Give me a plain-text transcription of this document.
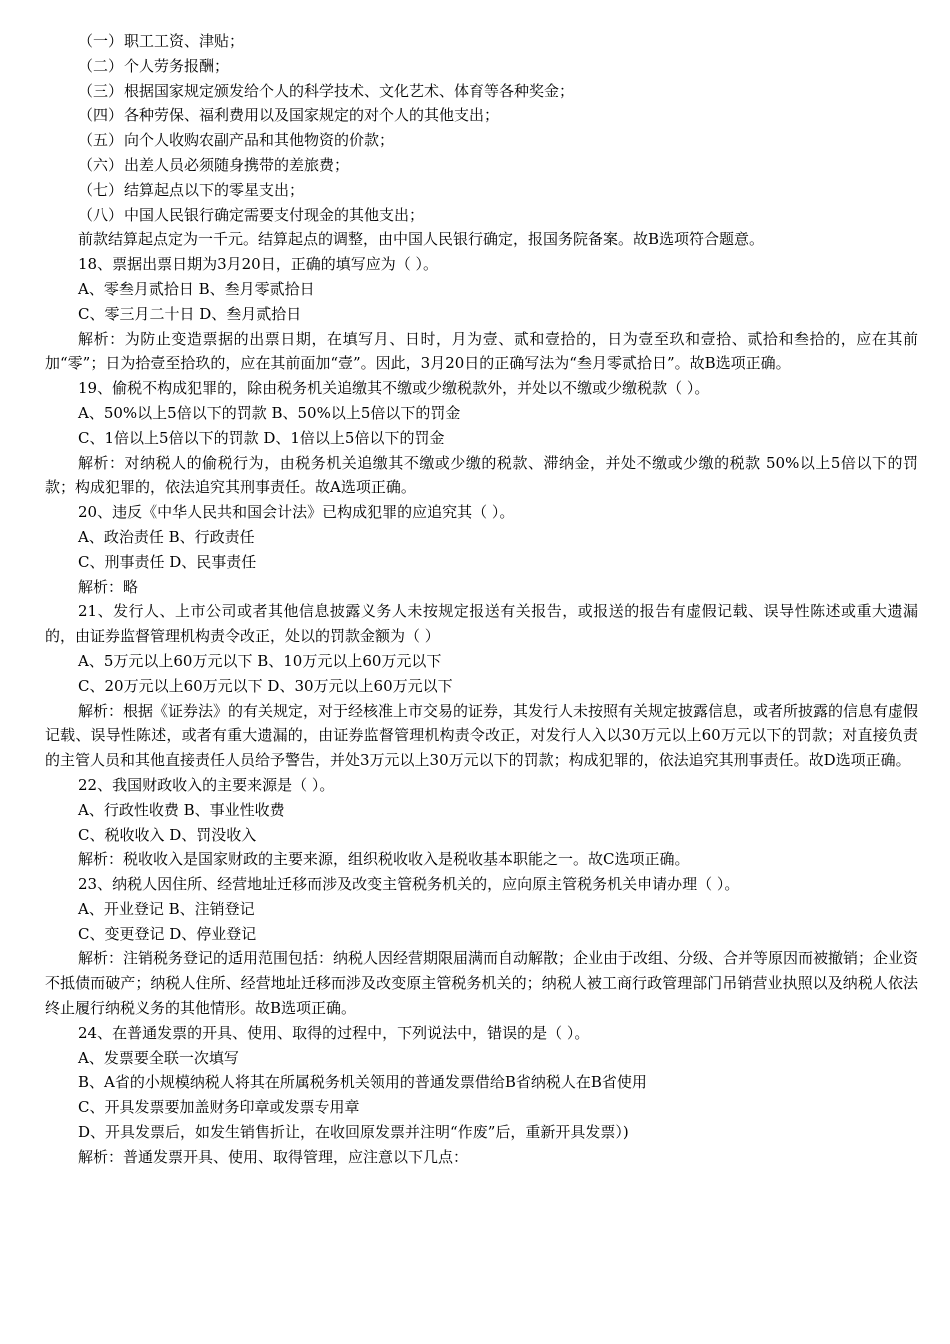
（一）职工工资、津贴；
（二）个人劳务报酬；
（三）根据国家规定颁发给个人的科学技术、文化艺术、体育等各种奖金；
（四）各种劳保、福利费用以及国家规定的对个人的其他支出；
（五）向个人收购农副产品和其他物资的价款；
（六）出差人员必须随身携带的差旅费；
（七）结算起点以下的零星支出；
（八）中国人民银行确定需要支付现金的其他支出；
前款结算起点定为一千元。结算起点的调整，由中国人民银行确定，报国务院备案。故B选项符合题意。
18、票据出票日期为3月20日，正确的填写应为（ ）。
A、零叁月贰拾日 B、叁月零贰拾日
C、零三月二十日 D、叁月贰拾日
解析：为防止变造票据的出票日期，在填写月、日时，月为壹、贰和壹拾的，日为壹至玖和壹拾、贰拾和叁拾的，应在其前加“零”；日为拾壹至拾玖的，应在其前面加“壹”。因此，3月20日的正确写法为“叁月零贰拾日”。故B选项正确。
19、偷税不构成犯罪的，除由税务机关追缴其不缴或少缴税款外，并处以不缴或少缴税款（ ）。
A、50%以上5倍以下的罚款 B、50%以上5倍以下的罚金
C、1倍以上5倍以下的罚款 D、1倍以上5倍以下的罚金
解析：对纳税人的偷税行为，由税务机关追缴其不缴或少缴的税款、滞纳金，并处不缴或少缴的税款 50%以上5倍以下的罚款；构成犯罪的，依法追究其刑事责任。故A选项正确。
20、违反《中华人民共和国会计法》已构成犯罪的应追究其（ ）。
A、政治责任 B、行政责任
C、刑事责任 D、民事责任
解析：略
21、发行人、上市公司或者其他信息披露义务人未按规定报送有关报告，或报送的报告有虚假记载、误导性陈述或重大遗漏的，由证券监督管理机构责令改正，处以的罚款金额为（ ）
A、5万元以上60万元以下 B、10万元以上60万元以下
C、20万元以上60万元以下 D、30万元以上60万元以下
解析：根据《证券法》的有关规定，对于经核准上市交易的证券，其发行人未按照有关规定披露信息，或者所披露的信息有虚假记载、误导性陈述，或者有重大遗漏的，由证券监督管理机构责令改正，对发行人入以30万元以上60万元以下的罚款；对直接负责的主管人员和其他直接责任人员给予警告，并处3万元以上30万元以下的罚款；构成犯罪的，依法追究其刑事责任。故D选项正确。
22、我国财政收入的主要来源是（ ）。
A、行政性收费 B、事业性收费
C、税收收入 D、罚没收入
解析：税收收入是国家财政的主要来源，组织税收收入是税收基本职能之一。故C选项正确。
23、纳税人因住所、经营地址迁移而涉及改变主管税务机关的，应向原主管税务机关申请办理（ ）。
A、开业登记 B、注销登记
C、变更登记 D、停业登记
解析：注销税务登记的适用范围包括：纳税人因经营期限届满而自动解散；企业由于改组、分级、合并等原因而被撤销；企业资不抵债而破产；纳税人住所、经营地址迁移而涉及改变原主管税务机关的；纳税人被工商行政管理部门吊销营业执照以及纳税人依法终止履行纳税义务的其他情形。故B选项正确。
24、在普通发票的开具、使用、取得的过程中，下列说法中，错误的是（ ）。
A、发票要全联一次填写
B、A省的小规模纳税人将其在所属税务机关领用的普通发票借给B省纳税人在B省使用
C、开具发票要加盖财务印章或发票专用章
D、开具发票后，如发生销售折让，在收回原发票并注明“作废”后，重新开具发票）)
解析：普通发票开具、使用、取得管理，应注意以下几点：
